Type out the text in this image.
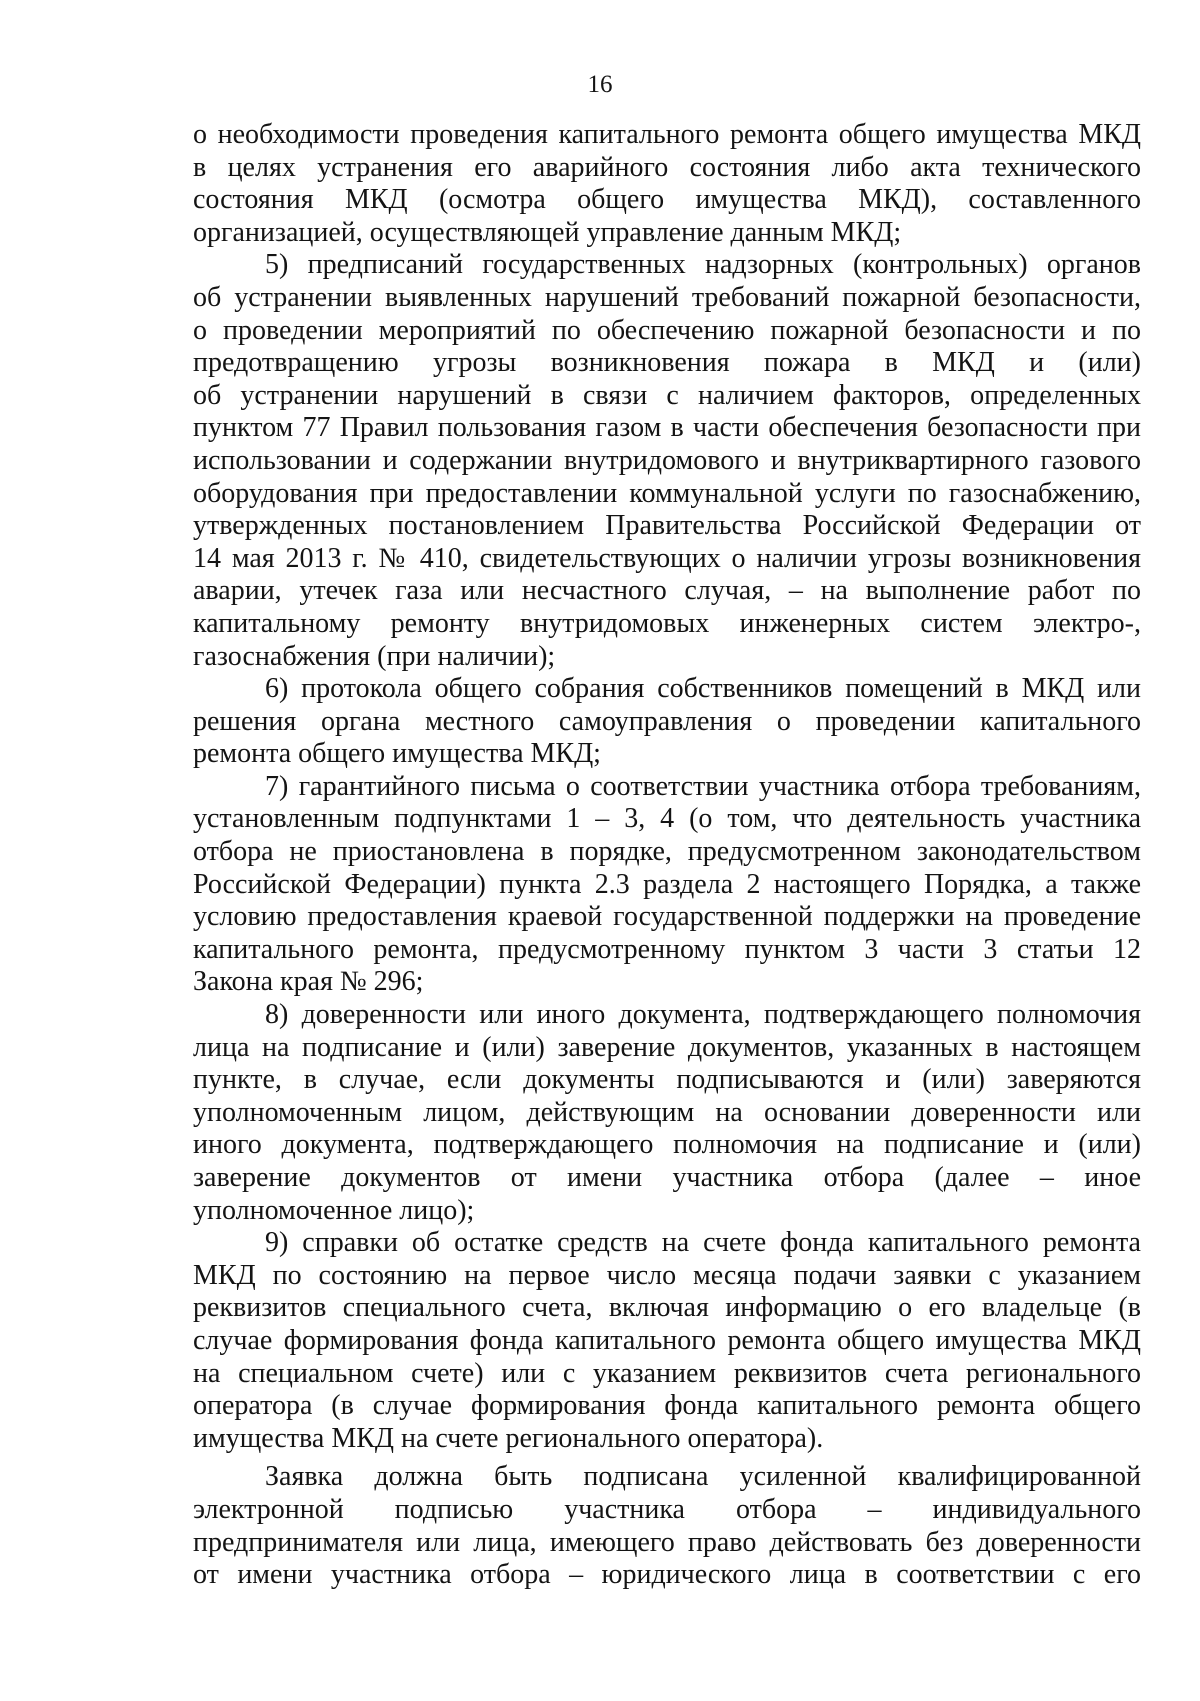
16
о необходимости проведения капитального ремонта общего имущества МКД
в целях устранения его аварийного состояния либо акта технического
состояния МКД (осмотра общего имущества МКД), составленного
организацией, осуществляющей управление данным МКД;
5) предписаний государственных надзорных (контрольных) органов
об устранении выявленных нарушений требований пожарной безопасности,
о проведении мероприятий по обеспечению пожарной безопасности и по
предотвращению угрозы возникновения пожара в МКД и (или)
об устранении нарушений в связи с наличием факторов, определенных
пунктом 77 Правил пользования газом в части обеспечения безопасности при
использовании и содержании внутридомового и внутриквартирного газового
оборудования при предоставлении коммунальной услуги по газоснабжению,
утвержденных постановлением Правительства Российской Федерации от
14 мая 2013 г. № 410, свидетельствующих о наличии угрозы возникновения
аварии, утечек газа или несчастного случая, – на выполнение работ по
капитальному ремонту внутридомовых инженерных систем электро-,
газоснабжения (при наличии);
6) протокола общего собрания собственников помещений в МКД или
решения органа местного самоуправления о проведении капитального
ремонта общего имущества МКД;
7) гарантийного письма о соответствии участника отбора требованиям,
установленным подпунктами 1 – 3, 4 (о том, что деятельность участника
отбора не приостановлена в порядке, предусмотренном законодательством
Российской Федерации) пункта 2.3 раздела 2 настоящего Порядка, а также
условию предоставления краевой государственной поддержки на проведение
капитального ремонта, предусмотренному пунктом 3 части 3 статьи 12
Закона края № 296;
8) доверенности или иного документа, подтверждающего полномочия
лица на подписание и (или) заверение документов, указанных в настоящем
пункте, в случае, если документы подписываются и (или) заверяются
уполномоченным лицом, действующим на основании доверенности или
иного документа, подтверждающего полномочия на подписание и (или)
заверение документов от имени участника отбора (далее – иное
уполномоченное лицо);
9) справки об остатке средств на счете фонда капитального ремонта
МКД по состоянию на первое число месяца подачи заявки с указанием
реквизитов специального счета, включая информацию о его владельце (в
случае формирования фонда капитального ремонта общего имущества МКД
на специальном счете) или с указанием реквизитов счета регионального
оператора (в случае формирования фонда капитального ремонта общего
имущества МКД на счете регионального оператора).
Заявка должна быть подписана усиленной квалифицированной
электронной подписью участника отбора – индивидуального
предпринимателя или лица, имеющего право действовать без доверенности
от имени участника отбора – юридического лица в соответствии с его
